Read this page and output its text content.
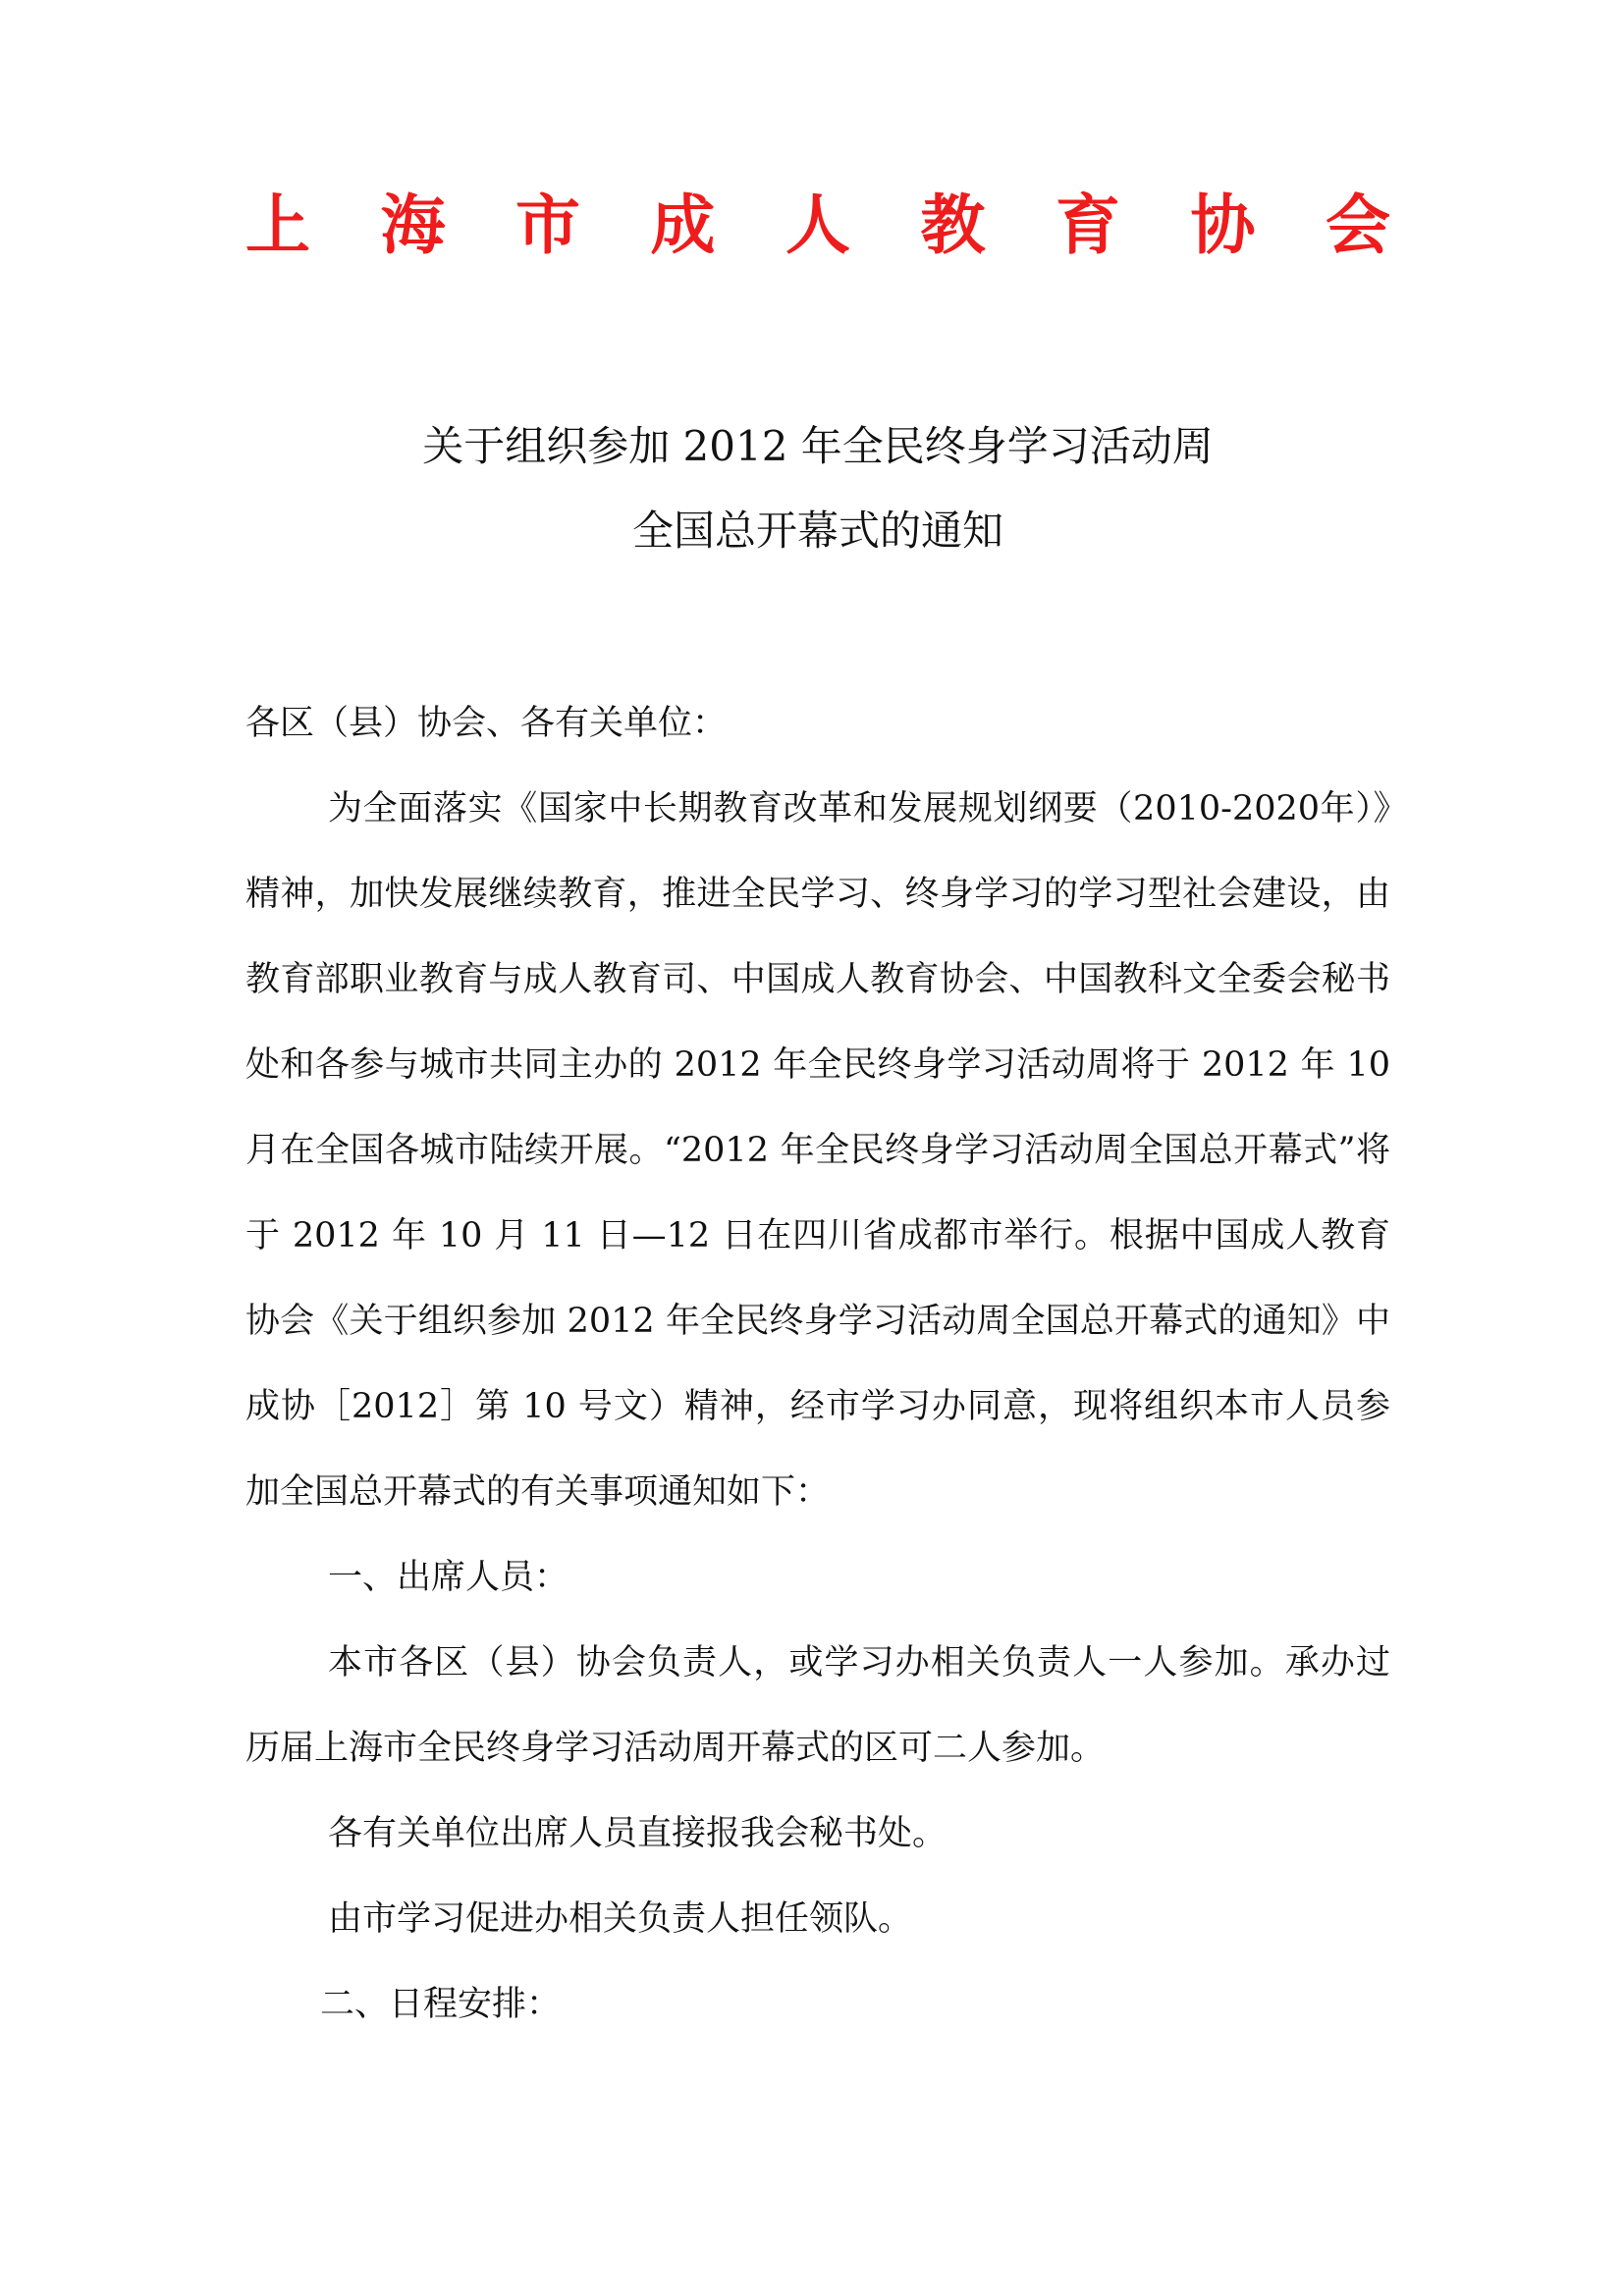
上 海 市 成 人 教 育 协 会
关于组织参加 2012 年全民终身学习活动周
全国总开幕式的通知

各区（县）协会、各有关单位：

为全面落实《国家中长期教育改革和发展规划纲要（2010-2020年）》精神，加快发展继续教育，推进全民学习、终身学习的学习型社会建设，由教育部职业教育与成人教育司、中国成人教育协会、中国教科文全委会秘书处和各参与城市共同主办的 2012 年全民终身学习活动周将于 2012 年 10 月在全国各城市陆续开展。“2012 年全民终身学习活动周全国总开幕式”将于 2012 年 10 月 11 日—12 日在四川省成都市举行。根据中国成人教育协会《关于组织参加 2012 年全民终身学习活动周全国总开幕式的通知》中成协［2012］第 10 号文）精神，经市学习办同意，现将组织本市人员参加全国总开幕式的有关事项通知如下：

一、出席人员：

本市各区（县）协会负责人，或学习办相关负责人一人参加。承办过历届上海市全民终身学习活动周开幕式的区可二人参加。

各有关单位出席人员直接报我会秘书处。

由市学习促进办相关负责人担任领队。

二、日程安排：
